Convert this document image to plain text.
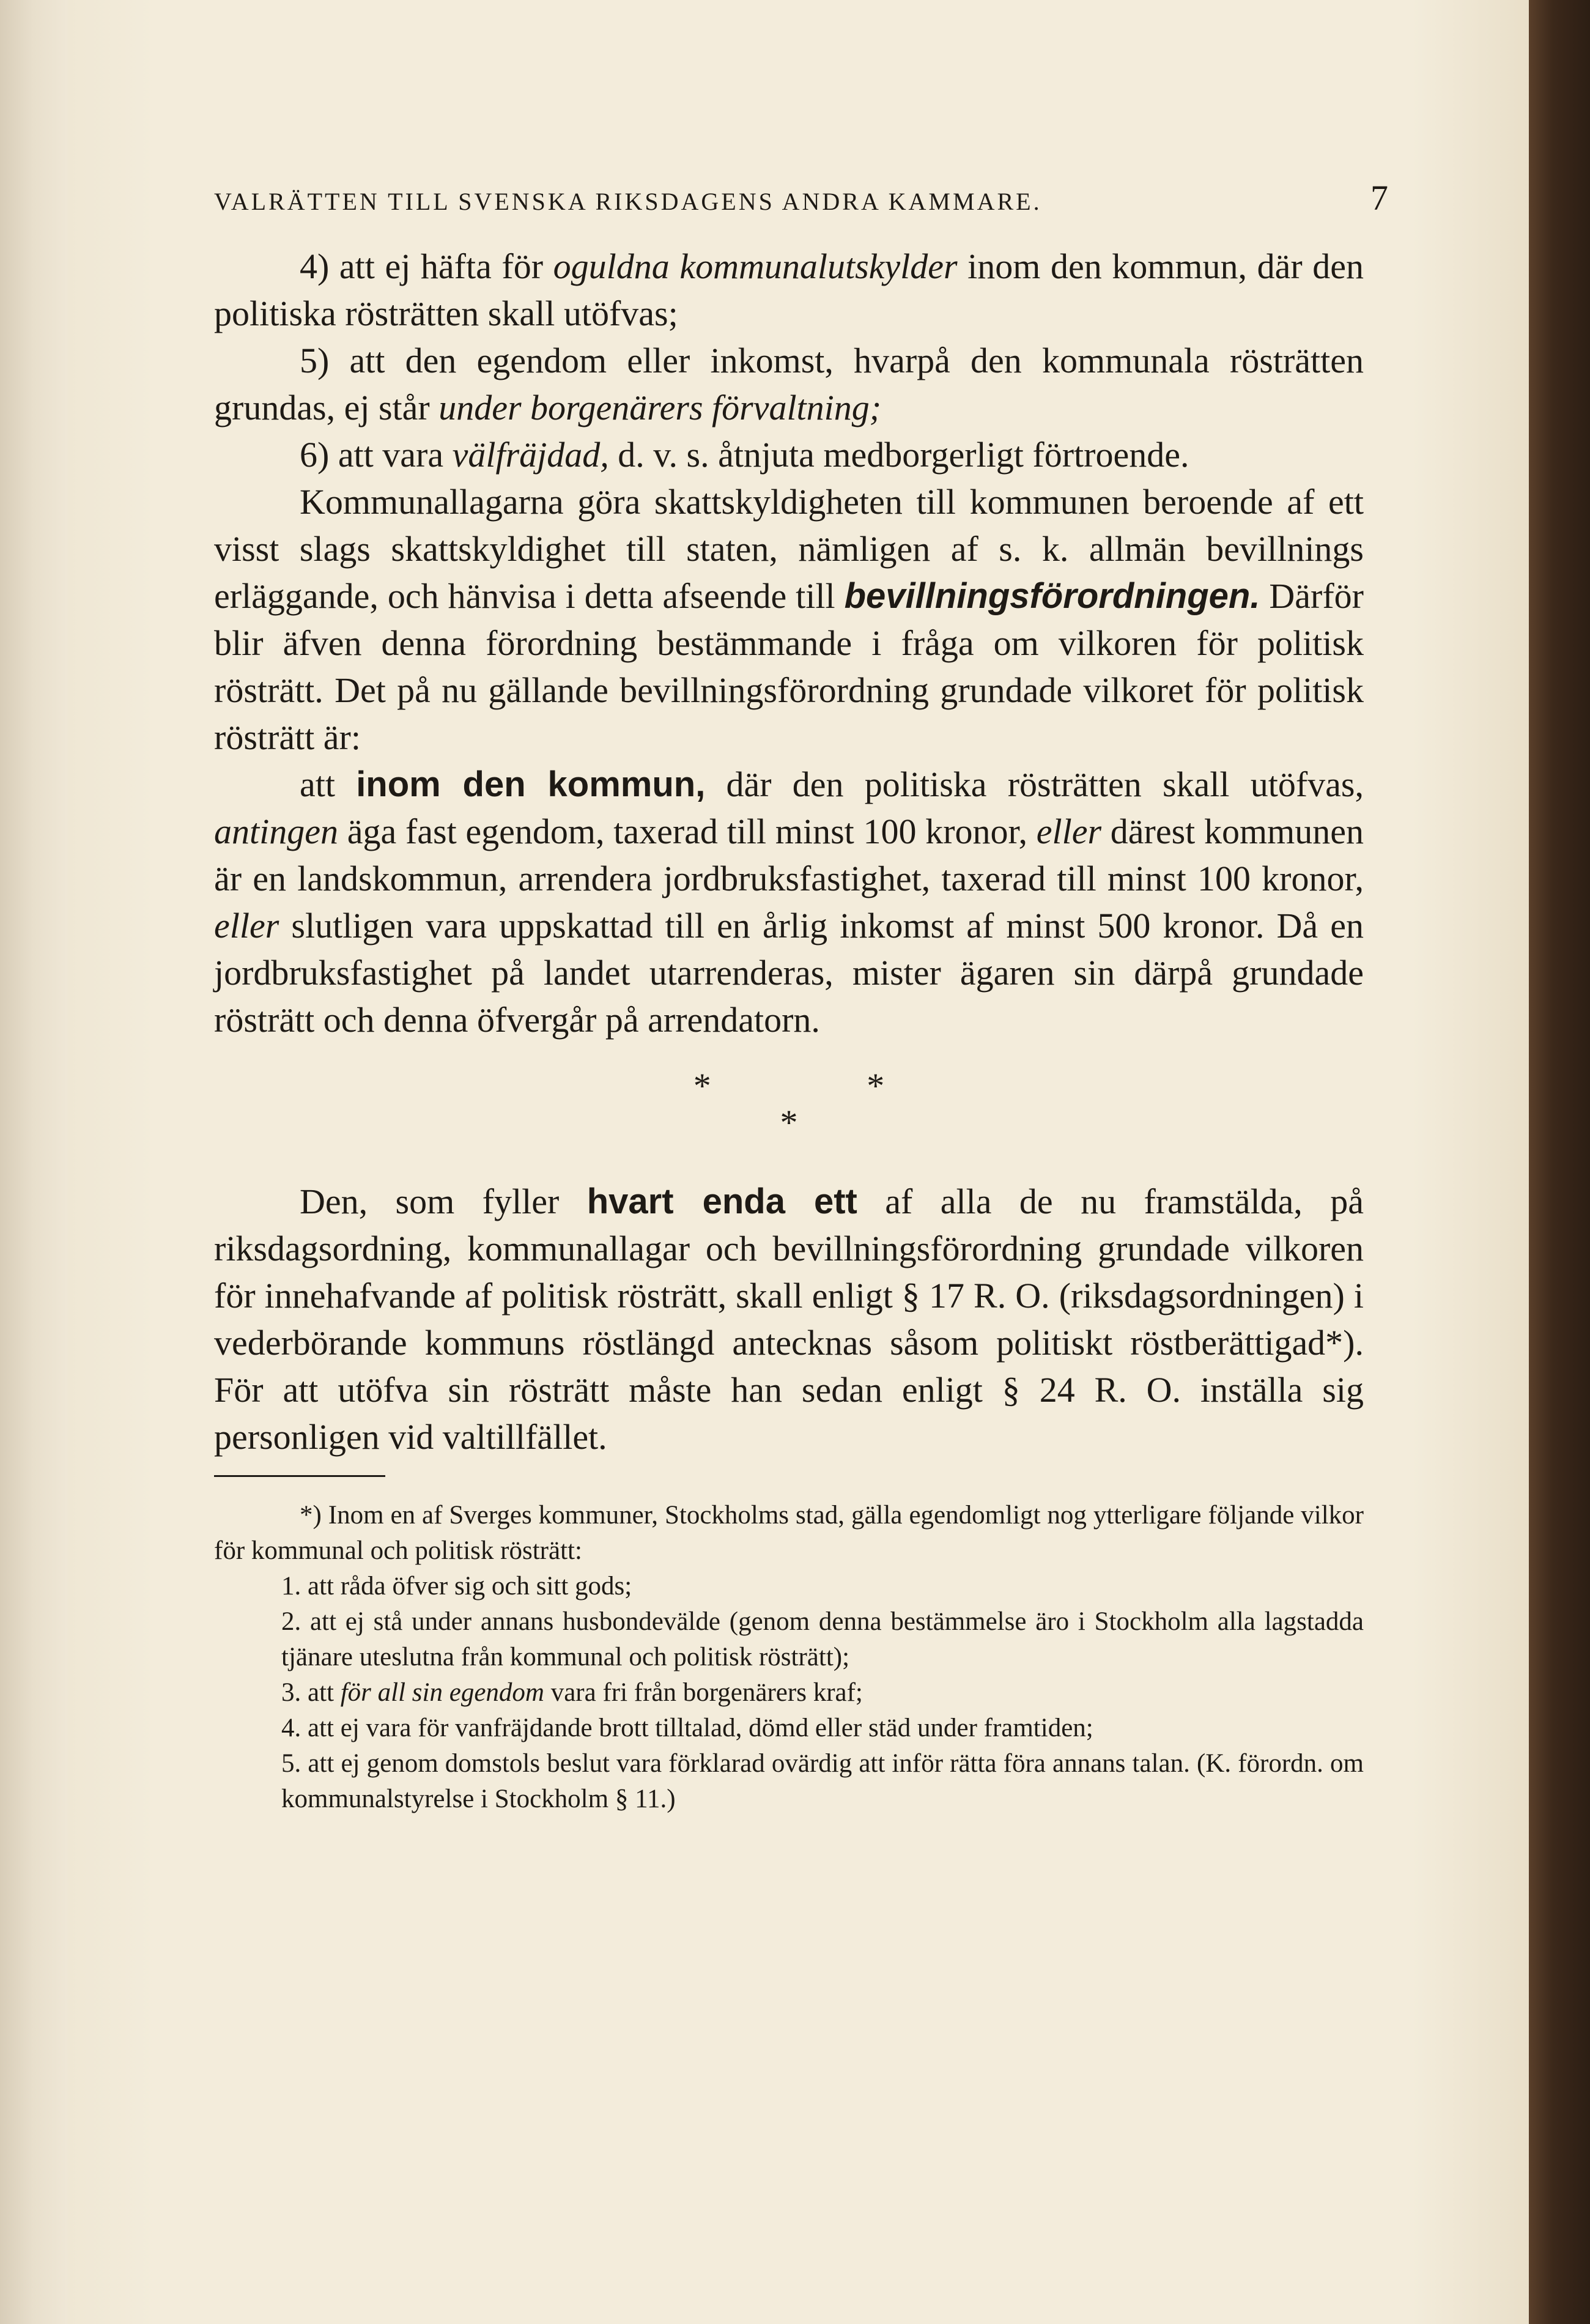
VALRÄTTEN TILL SVENSKA RIKSDAGENS ANDRA KAMMARE.	7

4) att ej häfta för oguldna kommunalutskylder inom den kommun, där den politiska rösträtten skall utöfvas;

5) att den egendom eller inkomst, hvarpå den kommunala rösträtten grundas, ej står under borgenärers förvaltning;

6) att vara välfräjdad, d. v. s. åtnjuta medborgerligt förtroende.

Kommunallagarna göra skattskyldigheten till kommunen beroende af ett visst slags skattskyldighet till staten, nämligen af s. k. allmän bevillnings erläggande, och hänvisa i detta afseende till bevillningsförordningen. Därför blir äfven denna förordning bestämmande i fråga om vilkoren för politisk rösträtt. Det på nu gällande bevillningsförordning grundade vilkoret för politisk rösträtt är:

att inom den kommun, där den politiska rösträtten skall utöfvas, antingen äga fast egendom, taxerad till minst 100 kronor, eller därest kommunen är en landskommun, arrendera jordbruksfastighet, taxerad till minst 100 kronor, eller slutligen vara uppskattad till en årlig inkomst af minst 500 kronor. Då en jordbruksfastighet på landet utarrenderas, mister ägaren sin därpå grundade rösträtt och denna öfvergår på arrendatorn.

* *
*

Den, som fyller hvart enda ett af alla de nu framstälda, på riksdagsordning, kommunallagar och bevillningsförordning grundade vilkoren för innehafvande af politisk rösträtt, skall enligt § 17 R. O. (riksdagsordningen) i vederbörande kommuns röstlängd antecknas såsom politiskt röstberättigad*). För att utöfva sin rösträtt måste han sedan enligt § 24 R. O. inställa sig personligen vid valtillfället.

*) Inom en af Sverges kommuner, Stockholms stad, gälla egendomligt nog ytterligare följande vilkor för kommunal och politisk rösträtt:

1. att råda öfver sig och sitt gods;

2. att ej stå under annans husbondevälde (genom denna bestämmelse äro i Stockholm alla lagstadda tjänare uteslutna från kommunal och politisk rösträtt);

3. att för all sin egendom vara fri från borgenärers kraf;

4. att ej vara för vanfräjdande brott tilltalad, dömd eller städ under framtiden;

5. att ej genom domstols beslut vara förklarad ovärdig att inför rätta föra annans talan. (K. förordn. om kommunalstyrelse i Stockholm § 11.)
